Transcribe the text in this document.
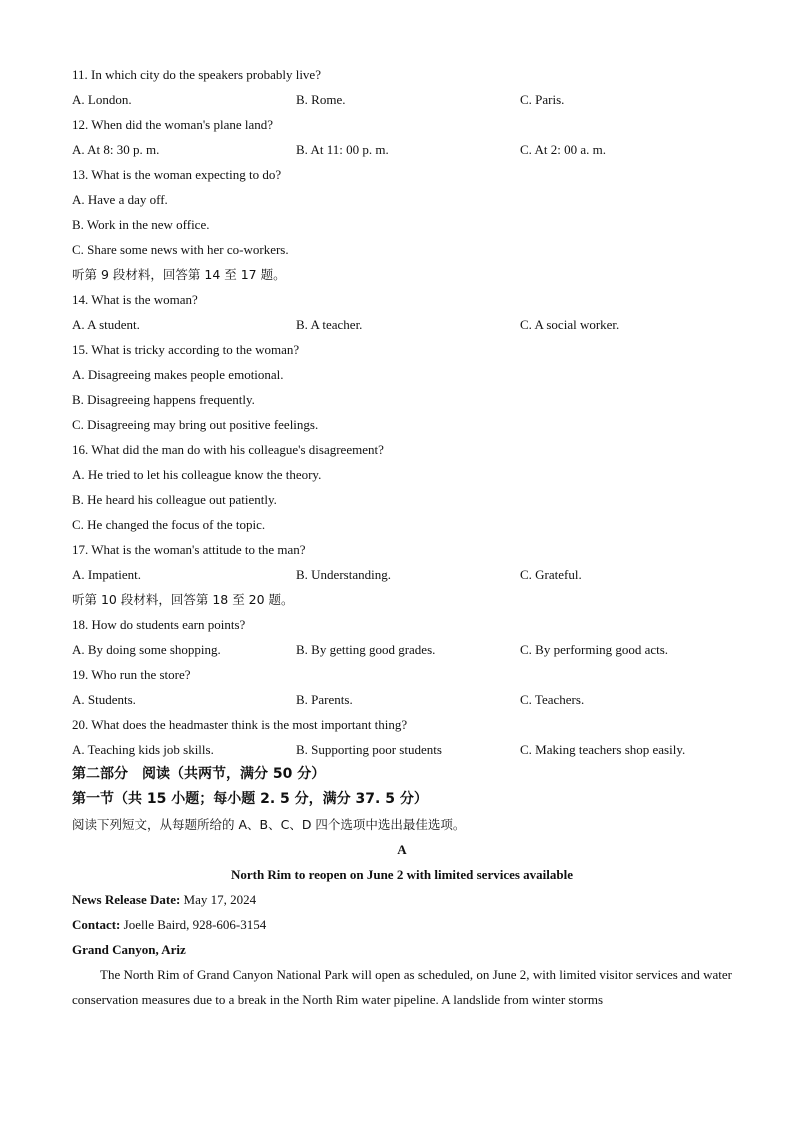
11. In which city do the speakers probably live?
A. London.	B. Rome.	C. Paris.
12. When did the woman's plane land?
A. At 8: 30 p. m.	B. At 11: 00 p. m.	C. At 2: 00 a. m.
13. What is the woman expecting to do?
A. Have a day off.
B. Work in the new office.
C. Share some news with her co-workers.
听第 9 段材料，回答第 14 至 17 题。
14. What is the woman?
A. A student.	B. A teacher.	C. A social worker.
15. What is tricky according to the woman?
A. Disagreeing makes people emotional.
B. Disagreeing happens frequently.
C. Disagreeing may bring out positive feelings.
16. What did the man do with his colleague's disagreement?
A. He tried to let his colleague know the theory.
B. He heard his colleague out patiently.
C. He changed the focus of the topic.
17. What is the woman's attitude to the man?
A. Impatient.	B. Understanding.	C. Grateful.
听第 10 段材料，回答第 18 至 20 题。
18. How do students earn points?
A. By doing some shopping.	B. By getting good grades.	C. By performing good acts.
19. Who run the store?
A. Students.	B. Parents.	C. Teachers.
20. What does the headmaster think is the most important thing?
A. Teaching kids job skills.	B. Supporting poor students	C. Making teachers shop easily.
第二部分　阅读（共两节，满分 50 分）
第一节（共 15 小题；每小题 2. 5 分，满分 37. 5 分）
阅读下列短文，从每题所给的 A、B、C、D 四个选项中选出最佳选项。
A
North Rim to reopen on June 2 with limited services available
News Release Date: May 17, 2024
Contact: Joelle Baird, 928-606-3154
Grand Canyon, Ariz
The North Rim of Grand Canyon National Park will open as scheduled, on June 2, with limited visitor services and water conservation measures due to a break in the North Rim water pipeline. A landslide from winter storms
